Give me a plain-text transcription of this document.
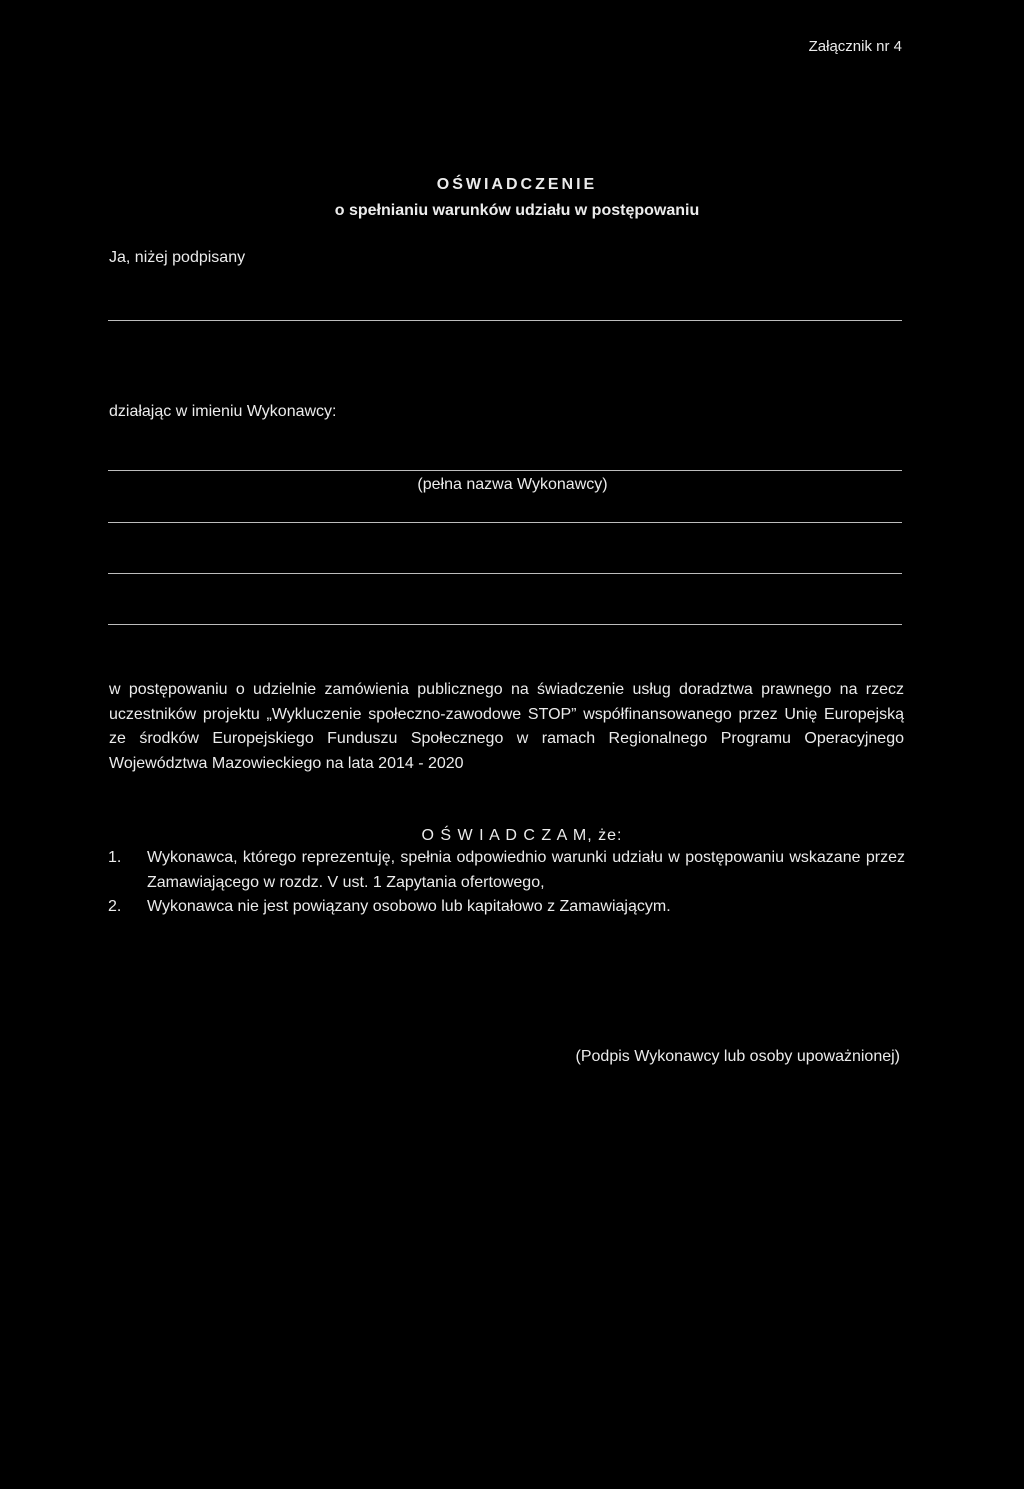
Załącznik nr 4
OŚWIADCZENIE
o spełnianiu warunków udziału w postępowaniu
Ja, niżej podpisany
działając w imieniu Wykonawcy:
(pełna nazwa Wykonawcy)
w postępowaniu o udzielnie zamówienia publicznego na świadczenie usług doradztwa prawnego na rzecz uczestników projektu „Wykluczenie społeczno-zawodowe STOP” współfinansowanego przez Unię Europejską ze środków Europejskiego Funduszu Społecznego w ramach Regionalnego Programu Operacyjnego Województwa Mazowieckiego na lata 2014 - 2020
O Ś W I A D C Z A M, że:
1.	Wykonawca, którego reprezentuję, spełnia odpowiednio warunki udziału w postępowaniu wskazane przez Zamawiającego w rozdz. V ust. 1 Zapytania ofertowego,
2.	Wykonawca nie jest powiązany osobowo lub kapitałowo z Zamawiającym.
(Podpis Wykonawcy lub osoby upoważnionej)
